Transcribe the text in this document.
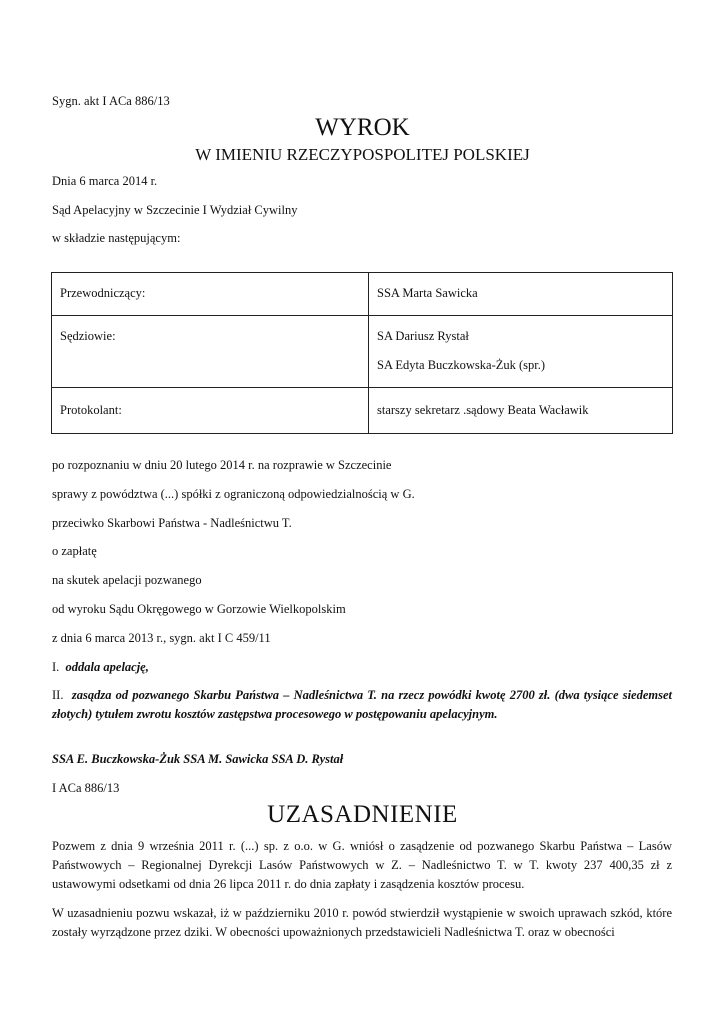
Sygn. akt I ACa 886/13
WYROK
W IMIENIU RZECZYPOSPOLITEJ POLSKIEJ
Dnia 6 marca 2014 r.
Sąd Apelacyjny w Szczecinie I Wydział Cywilny
w składzie następującym:
Przewodniczący:	SSA Marta Sawicka
Sędziowie:	SA Dariusz Rystał
SA Edyta Buczkowska-Żuk (spr.)

Protokolant:	starszy sekretarz .sądowy Beata Wacławik
po rozpoznaniu w dniu 20 lutego 2014 r. na rozprawie w Szczecinie
sprawy z powództwa (...) spółki z ograniczoną odpowiedzialnością w G.
przeciwko Skarbowi Państwa - Nadleśnictwu T.
o zapłatę
na skutek apelacji pozwanego
od wyroku Sądu Okręgowego w Gorzowie Wielkopolskim
z dnia 6 marca 2013 r., sygn. akt I C 459/11
I. oddala apelację,
II. zasądza od pozwanego Skarbu Państwa – Nadleśnictwa T. na rzecz powódki kwotę 2700 zł. (dwa tysiące siedemset złotych) tytułem zwrotu kosztów zastępstwa procesowego w postępowaniu apelacyjnym.
SSA E. Buczkowska-Żuk SSA M. Sawicka SSA D. Rystał
I ACa 886/13
UZASADNIENIE
Pozwem z dnia 9 września 2011 r. (...) sp. z o.o. w G. wniósł o zasądzenie od pozwanego Skarbu Państwa – Lasów Państwowych – Regionalnej Dyrekcji Lasów Państwowych w Z. – Nadleśnictwo T. w T. kwoty 237 400,35 zł z ustawowymi odsetkami od dnia 26 lipca 2011 r. do dnia zapłaty i zasądzenia kosztów procesu.
W uzasadnieniu pozwu wskazał, iż w październiku 2010 r. powód stwierdził wystąpienie w swoich uprawach szkód, które zostały wyrządzone przez dziki. W obecności upoważnionych przedstawicieli Nadleśnictwa T. oraz w obecności
